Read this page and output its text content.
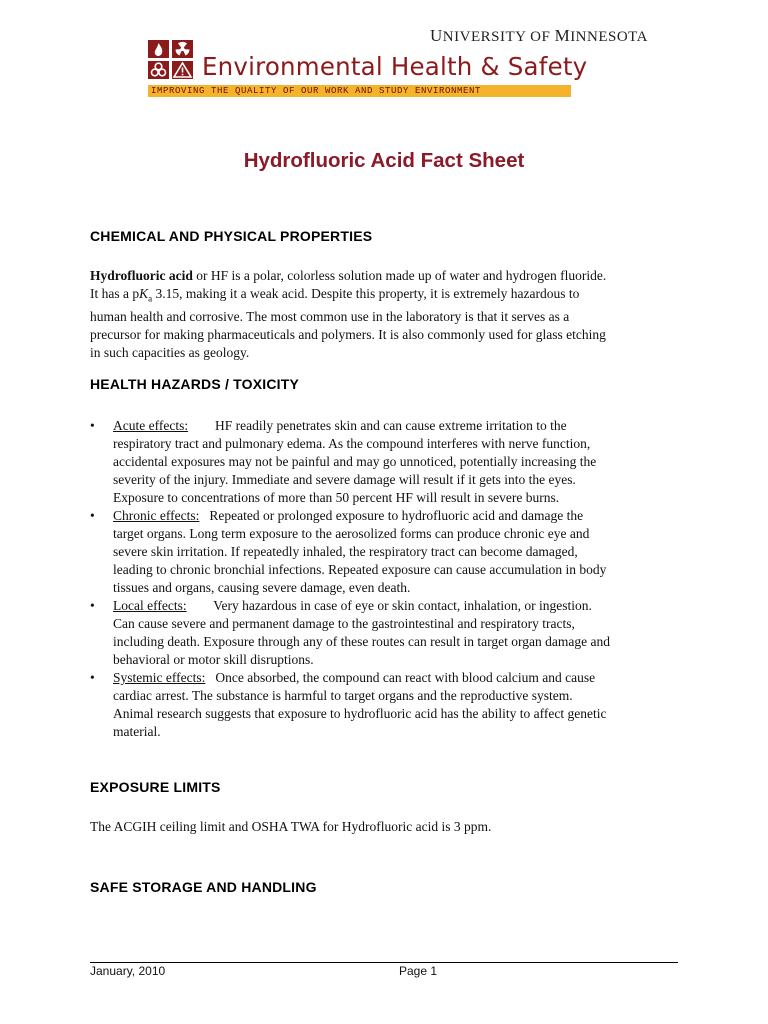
UNIVERSITY OF MINNESOTA
Environmental Health & Safety
IMPROVING THE QUALITY OF OUR WORK AND STUDY ENVIRONMENT
Hydrofluoric Acid Fact Sheet
CHEMICAL AND PHYSICAL PROPERTIES
Hydrofluoric acid or HF is a polar, colorless solution made up of water and hydrogen fluoride.
It has a $pK_a$ 3.15, making it a weak acid. Despite this property, it is extremely hazardous to
human health and corrosive. The most common use in the laboratory is that it serves as a
precursor for making pharmaceuticals and polymers. It is also commonly used for glass etching
in such capacities as geology.
HEALTH HAZARDS / TOXICITY
• Acute effects:     HF readily penetrates skin and can cause extreme irritation to the
respiratory tract and pulmonary edema. As the compound interferes with nerve function,
accidental exposures may not be painful and may go unnoticed, potentially increasing the
severity of the injury. Immediate and severe damage will result if it gets into the eyes.
Exposure to concentrations of more than 50 percent HF will result in severe burns.
• Chronic effects: Repeated or prolonged exposure to hydrofluoric acid and damage the
target organs. Long term exposure to the aerosolized forms can produce chronic eye and
severe skin irritation. If repeatedly inhaled, the respiratory tract can become damaged,
leading to chronic bronchial infections. Repeated exposure can cause accumulation in body
tissues and organs, causing severe damage, even death.
• Local effects:     Very hazardous in case of eye or skin contact, inhalation, or ingestion.
Can cause severe and permanent damage to the gastrointestinal and respiratory tracts,
including death. Exposure through any of these routes can result in target organ damage and
behavioral or motor skill disruptions.
• Systemic effects: Once absorbed, the compound can react with blood calcium and cause
cardiac arrest. The substance is harmful to target organs and the reproductive system.
Animal research suggests that exposure to hydrofluoric acid has the ability to affect genetic
material.
EXPOSURE LIMITS
The ACGIH ceiling limit and OSHA TWA for Hydrofluoric acid is 3 ppm.
SAFE STORAGE AND HANDLING
January, 2010	Page 1
